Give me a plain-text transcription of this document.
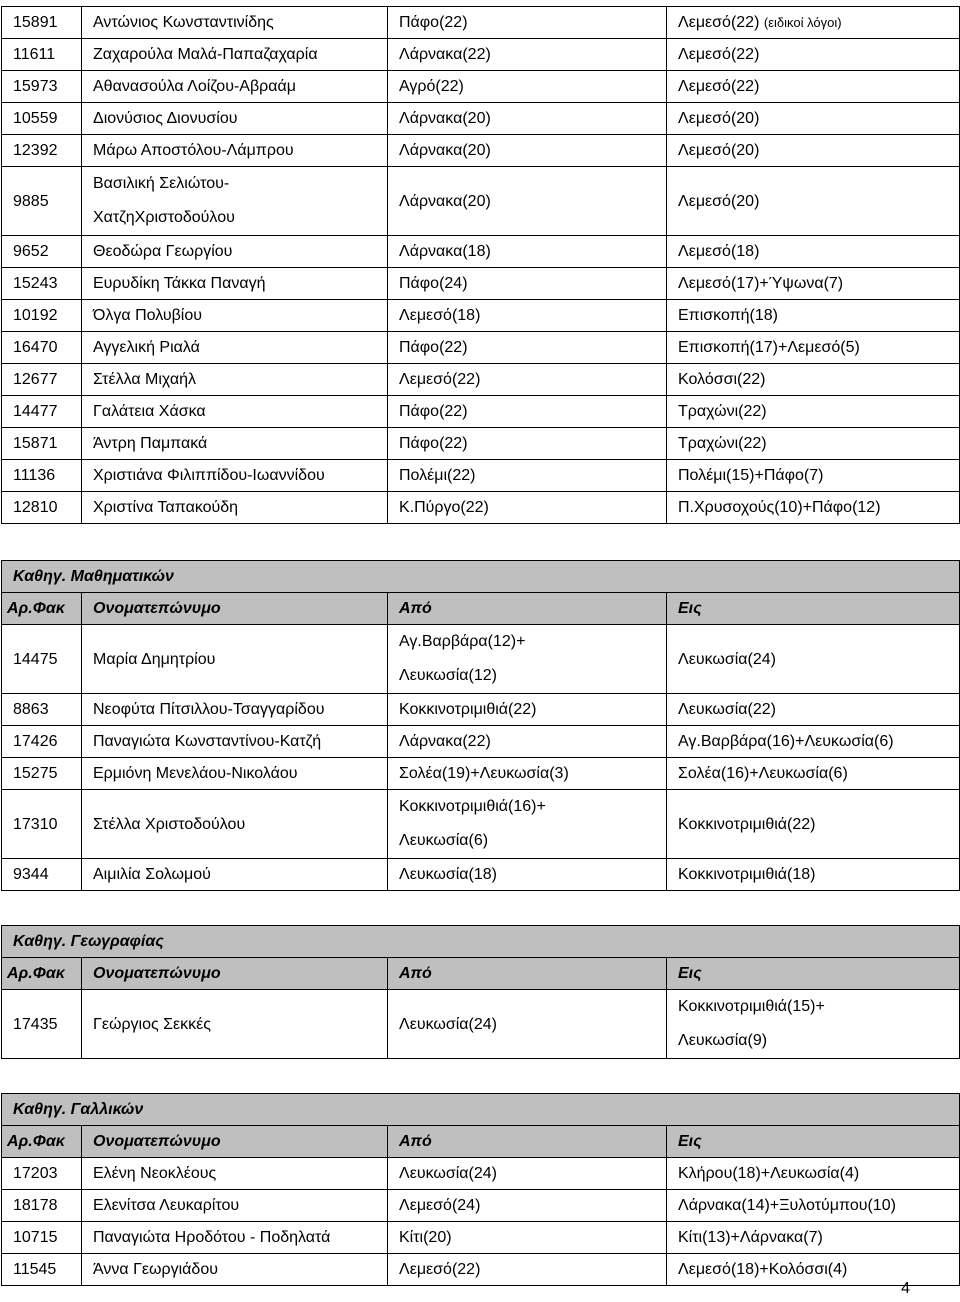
15891	Αντώνιος Κωνσταντινίδης	Πάφο(22)	Λεμεσό(22) (ειδικοί λόγοι)
11611	Ζαχαρούλα Μαλά-Παπαζαχαρία	Λάρνακα(22)	Λεμεσό(22)
15973	Αθανασούλα Λοίζου-Αβραάμ	Αγρό(22)	Λεμεσό(22)
10559	Διονύσιος Διονυσίου	Λάρνακα(20)	Λεμεσό(20)
12392	Μάρω Αποστόλου-Λάμπρου	Λάρνακα(20)	Λεμεσό(20)
9885	Βασιλική Σελιώτου-
ΧατζηΧριστοδούλου	Λάρνακα(20)	Λεμεσό(20)
9652	Θεοδώρα Γεωργίου	Λάρνακα(18)	Λεμεσό(18)
15243	Ευρυδίκη Τάκκα Παναγή	Πάφο(24)	Λεμεσό(17)+Ύψωνα(7)
10192	Όλγα Πολυβίου	Λεμεσό(18)	Επισκοπή(18)
16470	Αγγελική Ριαλά	Πάφο(22)	Επισκοπή(17)+Λεμεσό(5)
12677	Στέλλα Μιχαήλ	Λεμεσό(22)	Κολόσσι(22)
14477	Γαλάτεια Χάσκα	Πάφο(22)	Τραχώνι(22)
15871	Άντρη Παμπακά	Πάφο(22)	Τραχώνι(22)
11136	Χριστιάνα Φιλιππίδου-Ιωαννίδου	Πολέμι(22)	Πολέμι(15)+Πάφο(7)
12810	Χριστίνα Ταπακούδη	Κ.Πύργο(22)	Π.Χρυσοχούς(10)+Πάφο(12)
Καθηγ. Μαθηματικών			
Αρ.Φακ	Ονοματεπώνυμο	Από	Εις
14475	Μαρία Δημητρίου	Αγ.Βαρβάρα(12)+
Λευκωσία(12)	Λευκωσία(24)
8863	Νεοφύτα Πίτσιλλου-Τσαγγαρίδου	Κοκκινοτριμιθιά(22)	Λευκωσία(22)
17426	Παναγιώτα Κωνσταντίνου-Κατζή	Λάρνακα(22)	Αγ.Βαρβάρα(16)+Λευκωσία(6)
15275	Ερμιόνη Μενελάου-Νικολάου	Σολέα(19)+Λευκωσία(3)	Σολέα(16)+Λευκωσία(6)
17310	Στέλλα Χριστοδούλου	Κοκκινοτριμιθιά(16)+
Λευκωσία(6)	Κοκκινοτριμιθιά(22)
9344	Αιμιλία Σολωμού	Λευκωσία(18)	Κοκκινοτριμιθιά(18)
Καθηγ. Γεωγραφίας			
Αρ.Φακ	Ονοματεπώνυμο	Από	Εις
17435	Γεώργιος Σεκκές	Λευκωσία(24)	Κοκκινοτριμιθιά(15)+
Λευκωσία(9)
Καθηγ. Γαλλικών			
Αρ.Φακ	Ονοματεπώνυμο	Από	Εις
17203	Ελένη Νεοκλέους	Λευκωσία(24)	Κλήρου(18)+Λευκωσία(4)
18178	Ελενίτσα Λευκαρίτου	Λεμεσό(24)	Λάρνακα(14)+Ξυλοτύμπου(10)
10715	Παναγιώτα Ηροδότου - Ποδηλατά	Κίτι(20)	Κίτι(13)+Λάρνακα(7)
11545	Άννα Γεωργιάδου	Λεμεσό(22)	Λεμεσό(18)+Κολόσσι(4)
4
